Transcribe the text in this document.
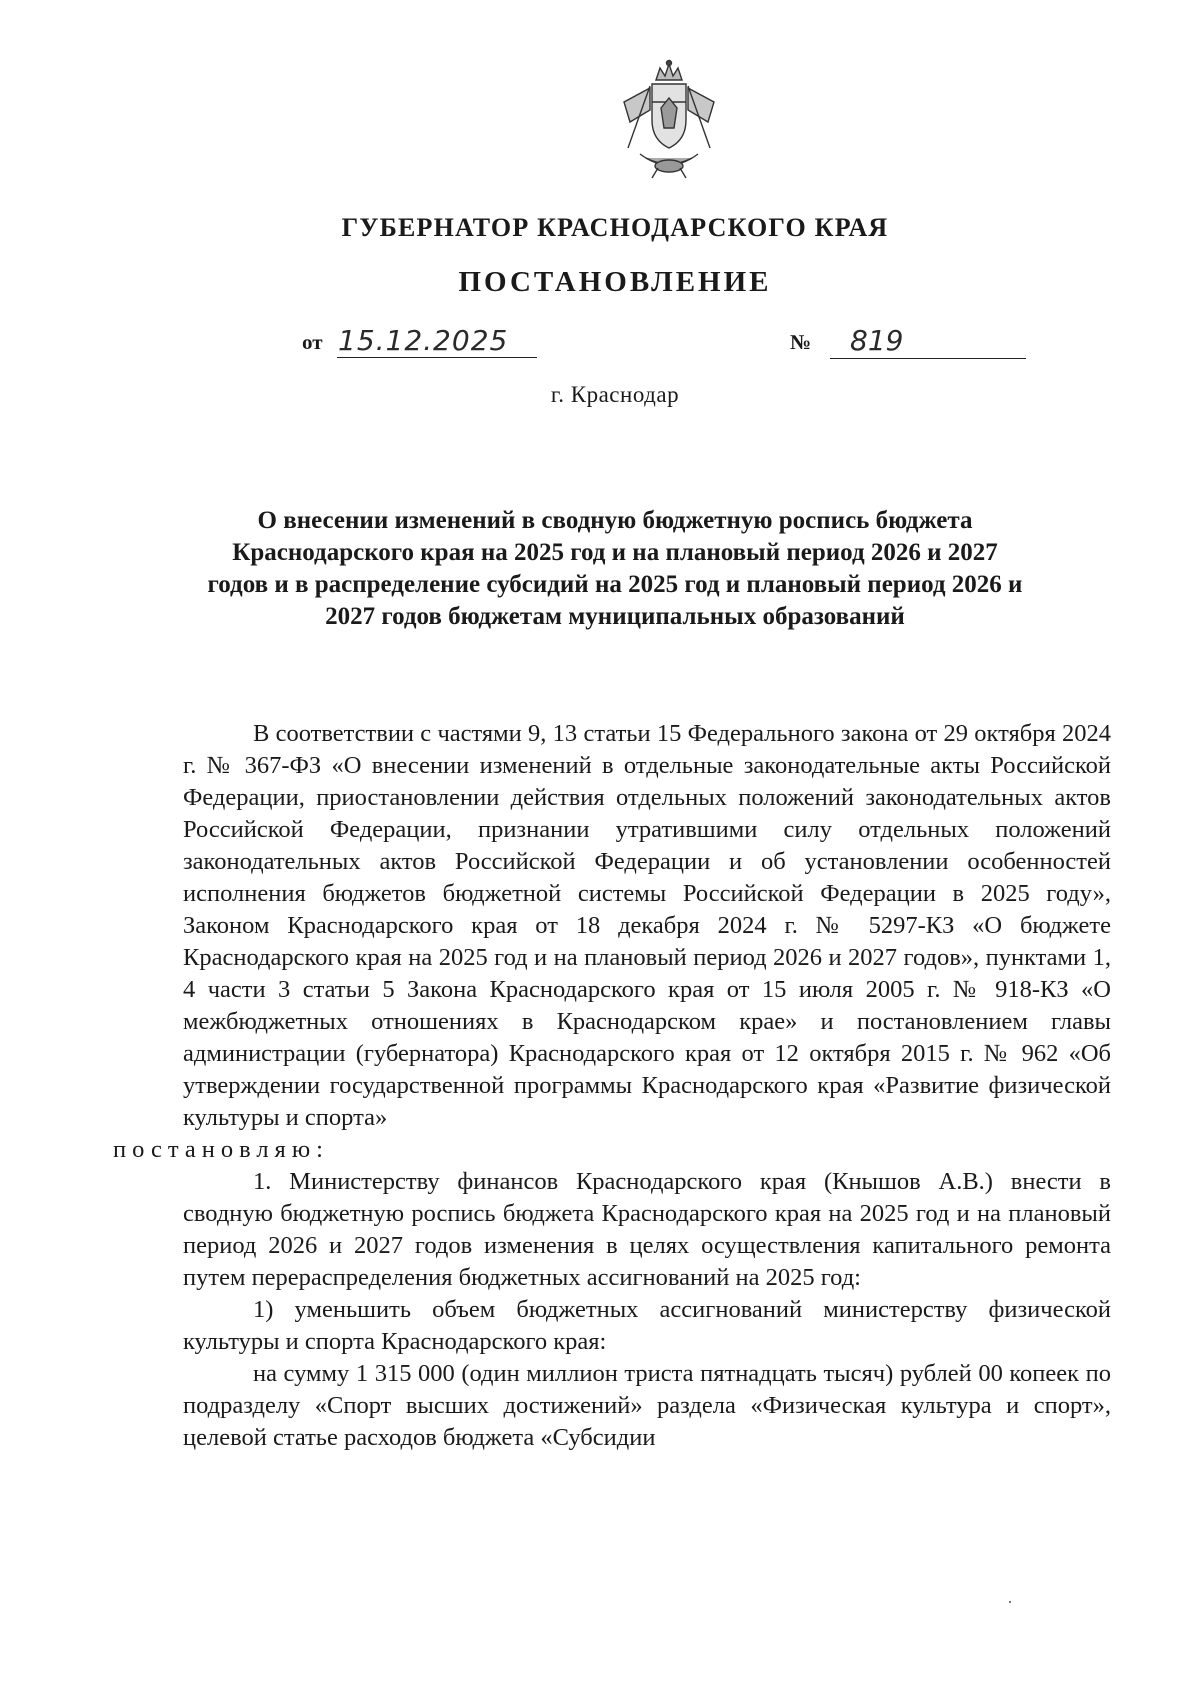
ГУБЕРНАТОР КРАСНОДАРСКОГО КРАЯ
ПОСТАНОВЛЕНИЕ
от 15.12.2025	№ 819
г. Краснодар
О внесении изменений в сводную бюджетную роспись бюджета Краснодарского края на 2025 год и на плановый период 2026 и 2027 годов и в распределение субсидий на 2025 год и плановый период 2026 и 2027 годов бюджетам муниципальных образований

В соответствии с частями 9, 13 статьи 15 Федерального закона от 29 октября 2024 г. № 367-ФЗ «О внесении изменений в отдельные законодательные акты Российской Федерации, приостановлении действия отдельных положений законодательных актов Российской Федерации, признании утратившими силу отдельных положений законодательных актов Российской Федерации и об установлении особенностей исполнения бюджетов бюджетной системы Российской Федерации в 2025 году», Законом Краснодарского края от 18 декабря 2024 г. № 5297-КЗ «О бюджете Краснодарского края на 2025 год и на плановый период 2026 и 2027 годов», пунктами 1, 4 части 3 статьи 5 Закона Краснодарского края от 15 июля 2005 г. № 918-КЗ «О межбюджетных отношениях в Краснодарском крае» и постановлением главы администрации (губернатора) Краснодарского края от 12 октября 2015 г. № 962 «Об утверждении государственной программы Краснодарского края «Развитие физической культуры и спорта»
постановляю:

1. Министерству финансов Краснодарского края (Кнышов А.В.) внести в сводную бюджетную роспись бюджета Краснодарского края на 2025 год и на плановый период 2026 и 2027 годов изменения в целях осуществления капитального ремонта путем перераспределения бюджетных ассигнований на 2025 год:

1) уменьшить объем бюджетных ассигнований министерству физической культуры и спорта Краснодарского края:

на сумму 1 315 000 (один миллион триста пятнадцать тысяч) рублей 00 копеек по подразделу «Спорт высших достижений» раздела «Физическая культура и спорт», целевой статье расходов бюджета «Субсидии
